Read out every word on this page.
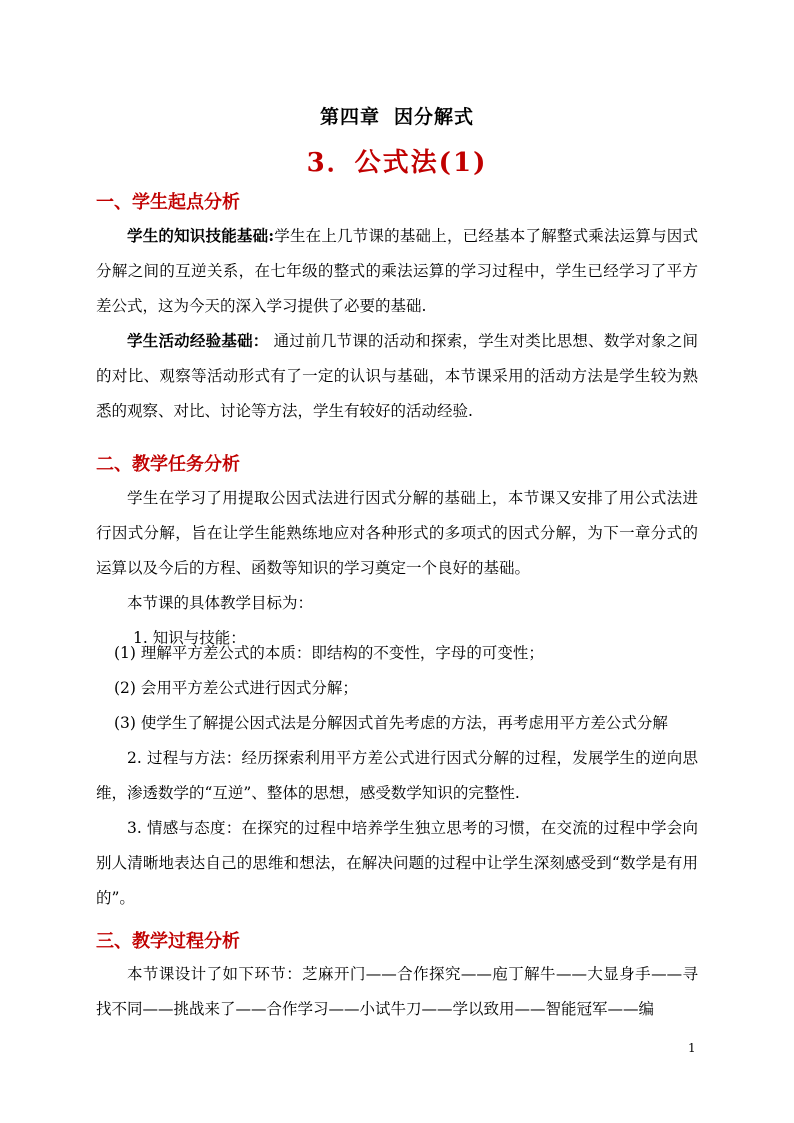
第四章 因分解式
3．公式法(1)
一、学生起点分析
学生的知识技能基础:学生在上几节课的基础上，已经基本了解整式乘法运算与因式分解之间的互逆关系，在七年级的整式的乘法运算的学习过程中，学生已经学习了平方差公式，这为今天的深入学习提供了必要的基础.
学生活动经验基础： 通过前几节课的活动和探索，学生对类比思想、数学对象之间的对比、观察等活动形式有了一定的认识与基础，本节课采用的活动方法是学生较为熟悉的观察、对比、讨论等方法，学生有较好的活动经验.
二、教学任务分析
学生在学习了用提取公因式法进行因式分解的基础上，本节课又安排了用公式法进行因式分解，旨在让学生能熟练地应对各种形式的多项式的因式分解，为下一章分式的运算以及今后的方程、函数等知识的学习奠定一个良好的基础。
本节课的具体教学目标为：
1. 知识与技能：
(1) 理解平方差公式的本质：即结构的不变性，字母的可变性；
(2) 会用平方差公式进行因式分解；
(3) 使学生了解提公因式法是分解因式首先考虑的方法，再考虑用平方差公式分解
2. 过程与方法：经历探索利用平方差公式进行因式分解的过程，发展学生的逆向思维，渗透数学的“互逆”、整体的思想，感受数学知识的完整性.
3. 情感与态度：在探究的过程中培养学生独立思考的习惯，在交流的过程中学会向别人清晰地表达自己的思维和想法，在解决问题的过程中让学生深刻感受到“数学是有用的”。
三、教学过程分析
本节课设计了如下环节：芝麻开门——合作探究——庖丁解牛——大显身手——寻找不同——挑战来了——合作学习——小试牛刀——学以致用——智能冠军——编
1
